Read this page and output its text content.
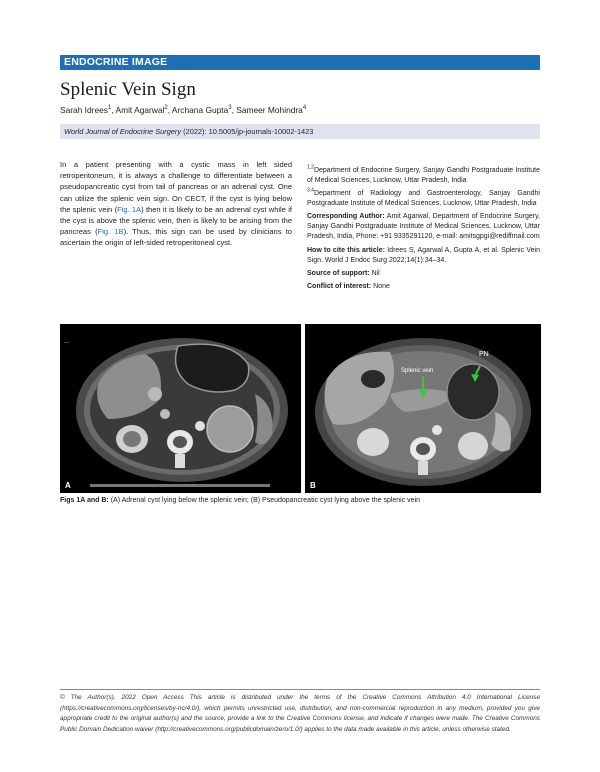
ENDOCRINE IMAGE
Splenic Vein Sign
Sarah Idrees$^1$, Amit Agarwal$^2$, Archana Gupta$^3$, Sameer Mohindra$^4$
World Journal of Endocrine Surgery (2022): 10.5005/jp-journals-10002-1423
In a patient presenting with a cystic mass in left sided retroperitoneum, it is always a challenge to differentiate between a pseudopancreatic cyst from tail of pancreas or an adrenal cyst. One can utilize the splenic vein sign. On CECT, if the cyst is lying below the splenic vein (Fig. 1A) then it is likely to be an adrenal cyst while if the cyst is above the splenic vein, then is likely to be arising from the pancreas (Fig. 1B). Thus, this sign can be used by clinicians to ascertain the origin of left-sided retroperitoneal cyst.

$^{1,2}$Department of Endocrine Surgery, Sanjay Gandhi Postgraduate Institute of Medical Sciences, Lucknow, Uttar Pradesh, India

$^{3,4}$Department of Radiology and Gastroenterology, Sanjay Gandhi Postgraduate Institute of Medical Sciences, Lucknow, Uttar Pradesh, India

Corresponding Author: Amit Agarwal, Department of Endocrine Surgery, Sanjay Gandhi Postgraduate Institute of Medical Sciences, Lucknow, Uttar Pradesh, India, Phone: +91 9335291120, e-mail: amitsgpgi@rediffmail.com

How to cite this article: Idrees S, Agarwal A, Gupta A, et al. Splenic Vein Sign. World J Endoc Surg 2022;14(1):34–34.

Source of support: Nil

Conflict of interest: None

—
A
PN
Splenic vein
B
Figs 1A and B: (A) Adrenal cyst lying below the splenic vein; (B) Pseudopancreatic cyst lying above the splenic vein
© The Author(s). 2022 Open Access This article is distributed under the terms of the Creative Commons Attribution 4.0 International License (https://creativecommons.org/licenses/by-nc/4.0/), which permits unrestricted use, distribution, and non-commercial reproduction in any medium, provided you give appropriate credit to the original author(s) and the source, provide a link to the Creative Commons license, and indicate if changes were made. The Creative Commons Public Domain Dedication waiver (http://creativecommons.org/publicdomain/zero/1.0/) applies to the data made available in this article, unless otherwise stated.
